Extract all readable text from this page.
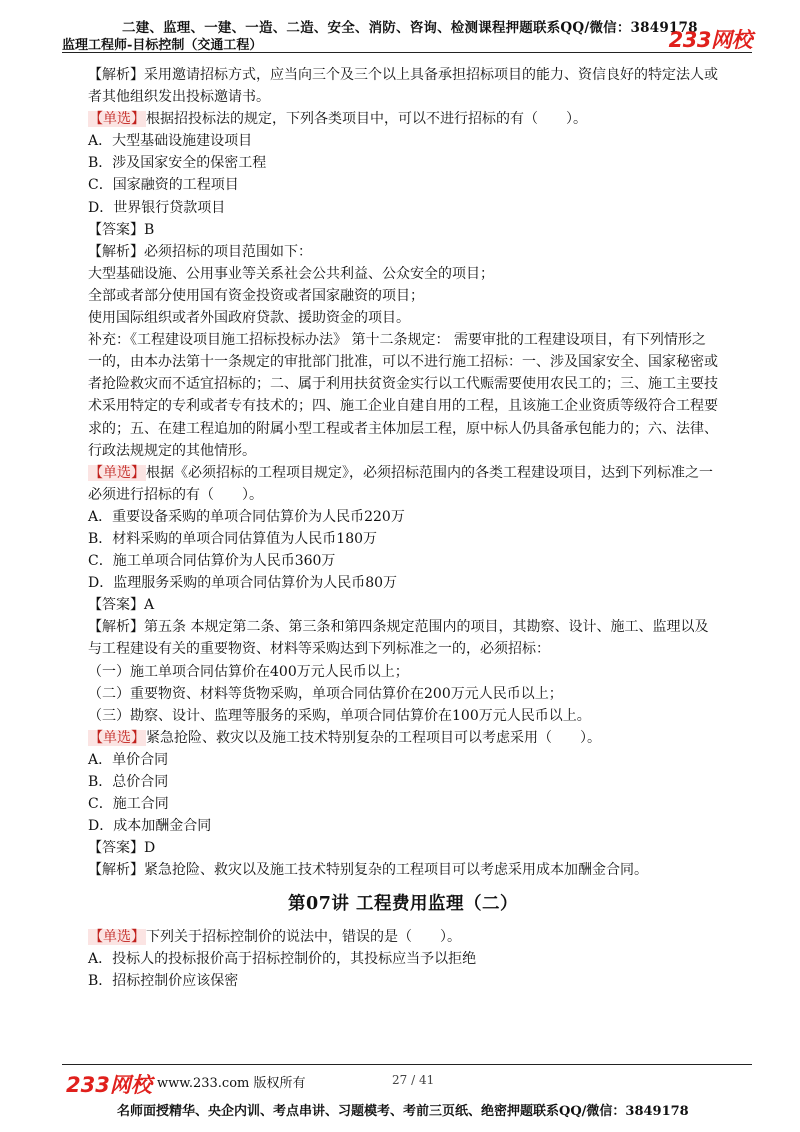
二建、监理、一建、一造、二造、安全、消防、咨询、检测课程押题联系QQ/微信：3849178
监理工程师-目标控制（交通工程）	233网校

【解析】采用邀请招标方式，应当向三个及三个以上具备承担招标项目的能力、资信良好的特定法人或者其他组织发出投标邀请书。

【单选】根据招投标法的规定，下列各类项目中，可以不进行招标的有（　　）。

A．大型基础设施建设项目

B．涉及国家安全的保密工程

C．国家融资的工程项目

D．世界银行贷款项目

【答案】B

【解析】必须招标的项目范围如下：

大型基础设施、公用事业等关系社会公共利益、公众安全的项目；

全部或者部分使用国有资金投资或者国家融资的项目；

使用国际组织或者外国政府贷款、援助资金的项目。

补充：《工程建设项目施工招标投标办法》 第十二条规定： 需要审批的工程建设项目，有下列情形之一的，由本办法第十一条规定的审批部门批准，可以不进行施工招标：一、涉及国家安全、国家秘密或者抢险救灾而不适宜招标的；二、属于利用扶贫资金实行以工代赈需要使用农民工的；三、施工主要技术采用特定的专利或者专有技术的；四、施工企业自建自用的工程，且该施工企业资质等级符合工程要求的；五、在建工程追加的附属小型工程或者主体加层工程，原中标人仍具备承包能力的；六、法律、行政法规规定的其他情形。

【单选】根据《必须招标的工程项目规定》，必须招标范围内的各类工程建设项目，达到下列标准之一必须进行招标的有（　　）。

A．重要设备采购的单项合同估算价为人民币220万

B．材料采购的单项合同估算值为人民币180万

C．施工单项合同估算价为人民币360万

D．监理服务采购的单项合同估算价为人民币80万

【答案】A

【解析】第五条 本规定第二条、第三条和第四条规定范围内的项目，其勘察、设计、施工、监理以及与工程建设有关的重要物资、材料等采购达到下列标准之一的，必须招标：

（一）施工单项合同估算价在400万元人民币以上；

（二）重要物资、材料等货物采购，单项合同估算价在200万元人民币以上；

（三）勘察、设计、监理等服务的采购，单项合同估算价在100万元人民币以上。

【单选】紧急抢险、救灾以及施工技术特别复杂的工程项目可以考虑采用（　　）。

A．单价合同

B．总价合同

C．施工合同

D．成本加酬金合同

【答案】D

【解析】紧急抢险、救灾以及施工技术特别复杂的工程项目可以考虑采用成本加酬金合同。

第07讲 工程费用监理（二）

【单选】下列关于招标控制价的说法中，错误的是（　　）。

A．投标人的投标报价高于招标控制价的，其投标应当予以拒绝

B．招标控制价应该保密

233网校 www.233.com 版权所有	27 / 41
名师面授精华、央企内训、考点串讲、习题模考、考前三页纸、绝密押题联系QQ/微信：3849178
